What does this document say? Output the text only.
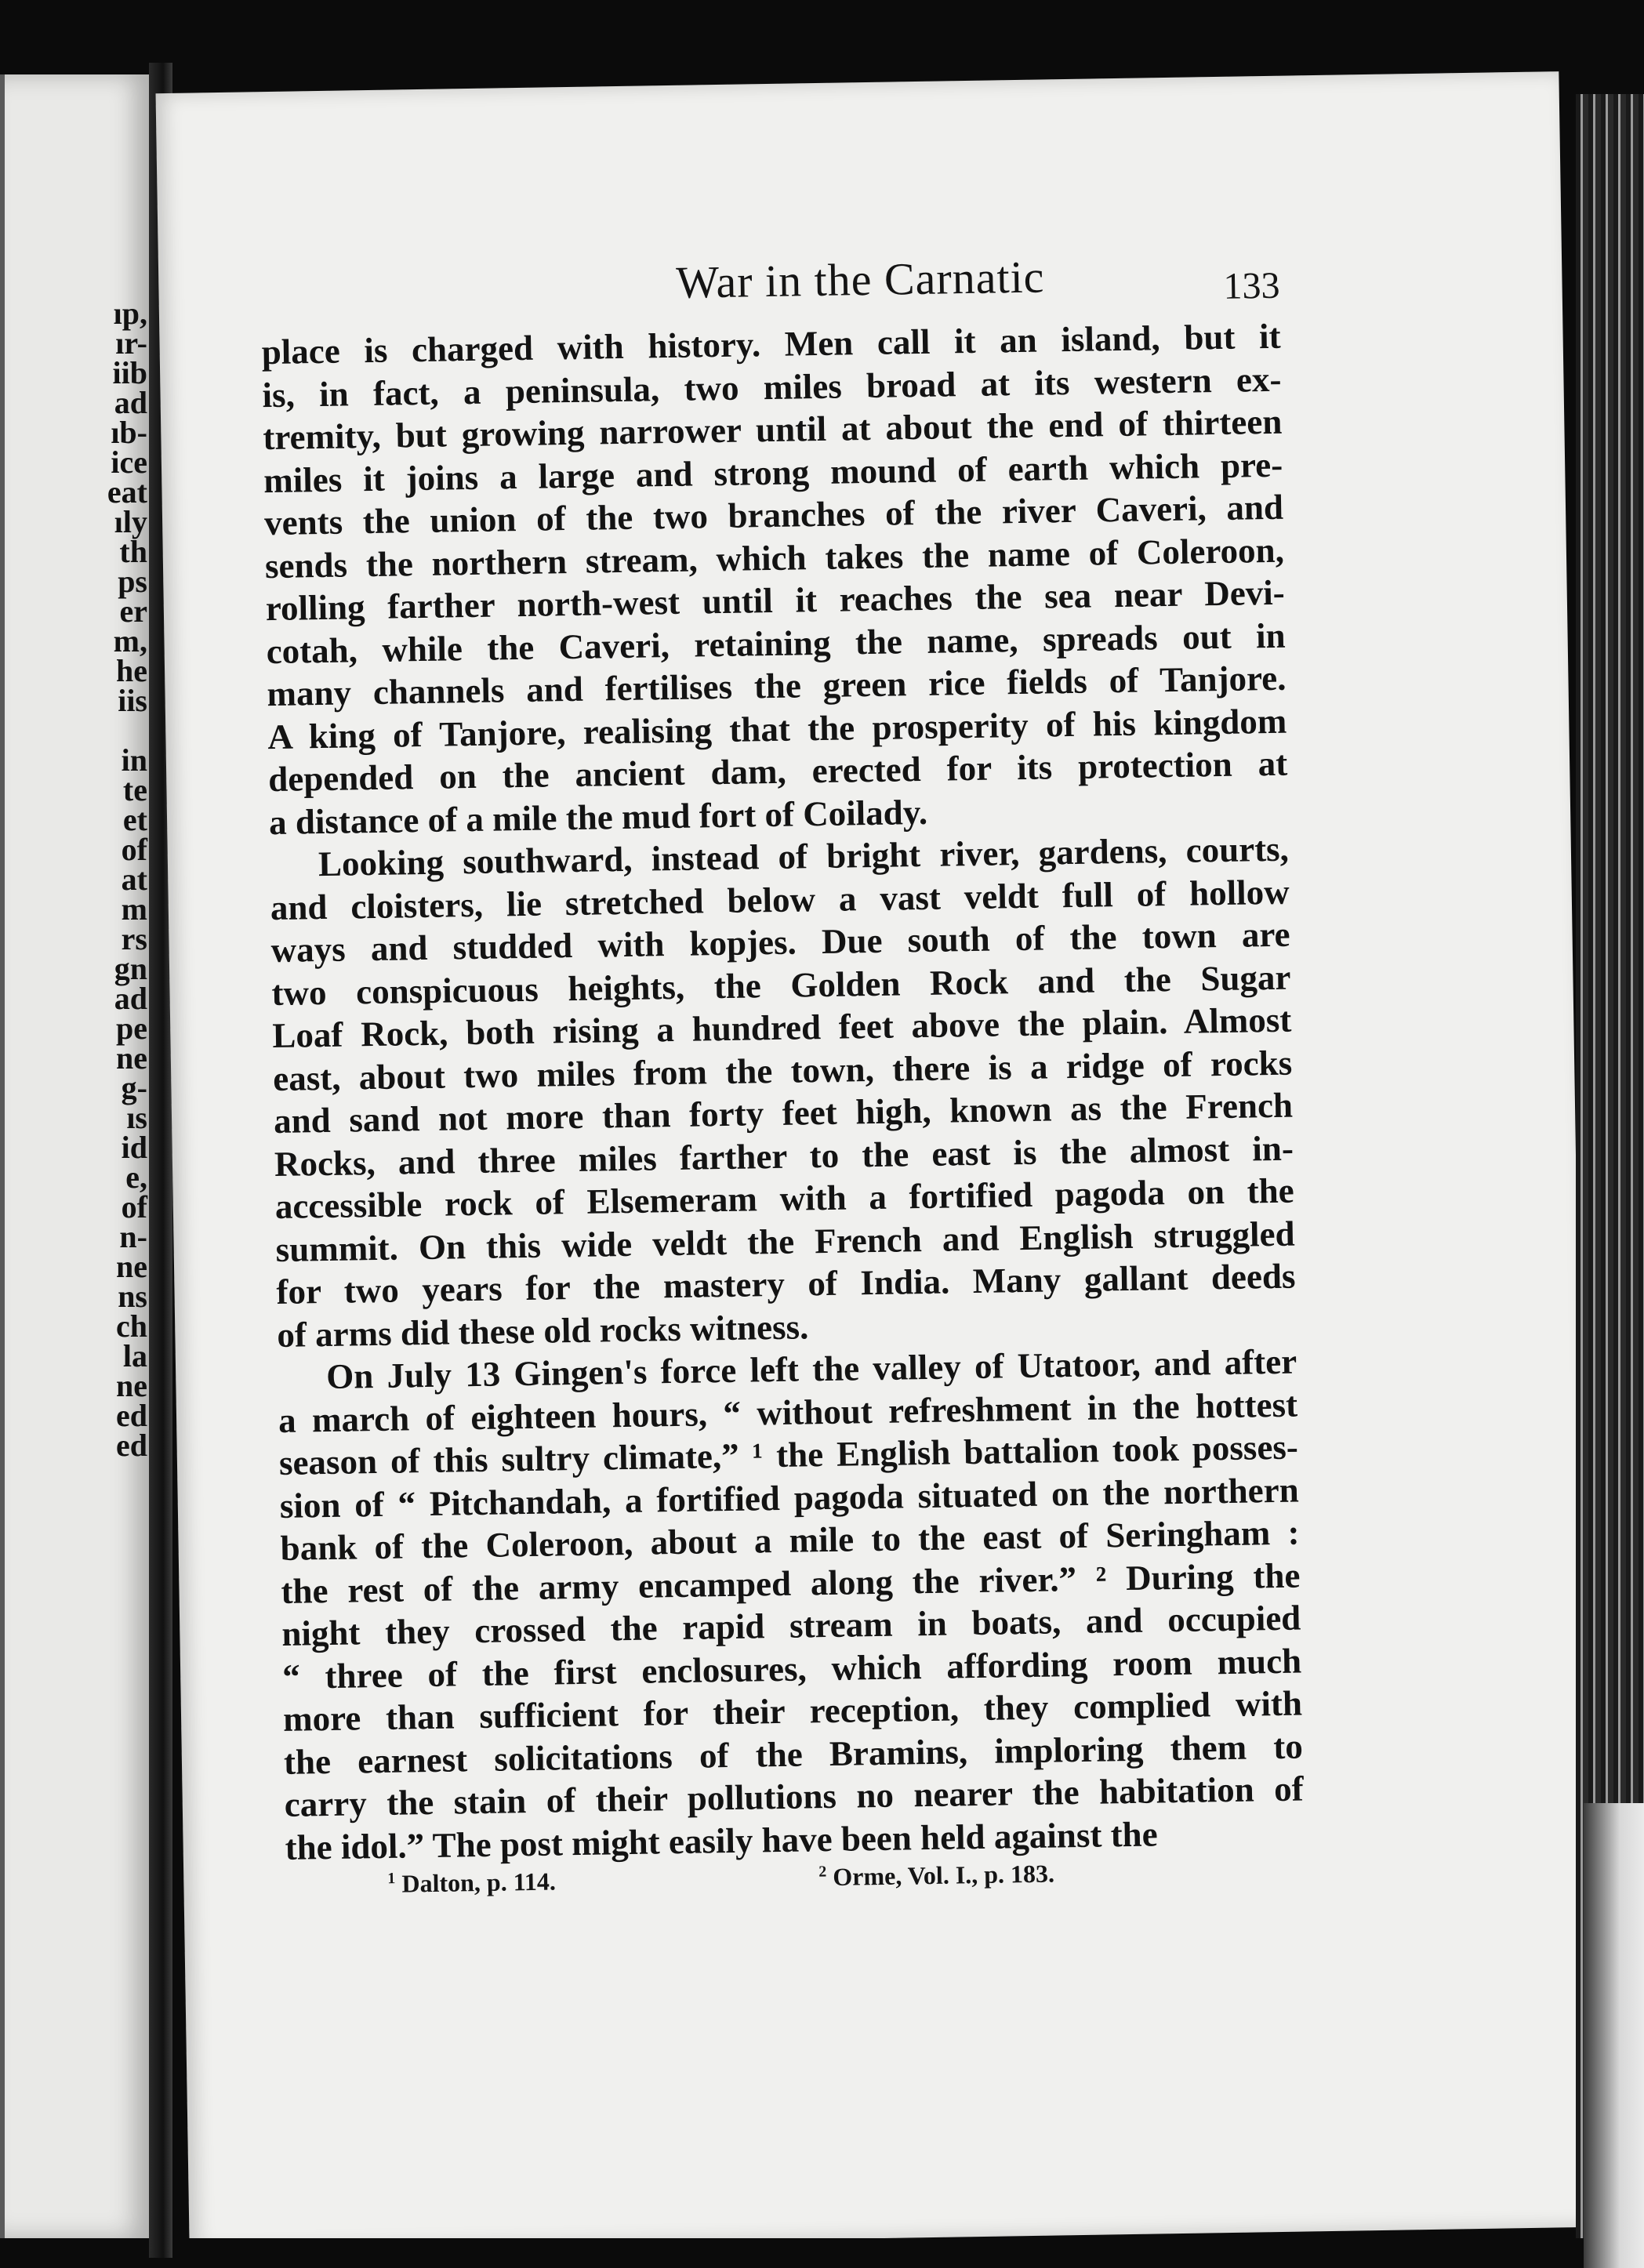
ıp,
ır-
iib
ad
ıb-
ice
eat
ıly
th
ps
er
m,
he
iis
in
te
et
of
at
m
rs
gn
ad
pe
ne
g-
ıs
id
e,
of
n-
ne
ns
ch
la
ne
ed
ed
War in the Carnatic	133
place is charged with history. Men call it an island, but it
is, in fact, a peninsula, two miles broad at its western ex-
tremity, but growing narrower until at about the end of thirteen
miles it joins a large and strong mound of earth which pre-
vents the union of the two branches of the river Caveri, and
sends the northern stream, which takes the name of Coleroon,
rolling farther north-west until it reaches the sea near Devi-
cotah, while the Caveri, retaining the name, spreads out in
many channels and fertilises the green rice fields of Tanjore.
A king of Tanjore, realising that the prosperity of his kingdom
depended on the ancient dam, erected for its protection at
a distance of a mile the mud fort of Coilady.
Looking southward, instead of bright river, gardens, courts,
and cloisters, lie stretched below a vast veldt full of hollow
ways and studded with kopjes. Due south of the town are
two conspicuous heights, the Golden Rock and the Sugar
Loaf Rock, both rising a hundred feet above the plain. Almost
east, about two miles from the town, there is a ridge of rocks
and sand not more than forty feet high, known as the French
Rocks, and three miles farther to the east is the almost in-
accessible rock of Elsemeram with a fortified pagoda on the
summit. On this wide veldt the French and English struggled
for two years for the mastery of India. Many gallant deeds
of arms did these old rocks witness.
On July 13 Gingen's force left the valley of Utatoor, and after
a march of eighteen hours, “ without refreshment in the hottest
season of this sultry climate,” ¹ the English battalion took posses-
sion of “ Pitchandah, a fortified pagoda situated on the northern
bank of the Coleroon, about a mile to the east of Seringham :
the rest of the army encamped along the river.” ² During the
night they crossed the rapid stream in boats, and occupied
“ three of the first enclosures, which affording room much
more than sufficient for their reception, they complied with
the earnest solicitations of the Bramins, imploring them to
carry the stain of their pollutions no nearer the habitation of
the idol.” The post might easily have been held against the
$^1$ Dalton, p. 114.	$^2$ Orme, Vol. I., p. 183.
